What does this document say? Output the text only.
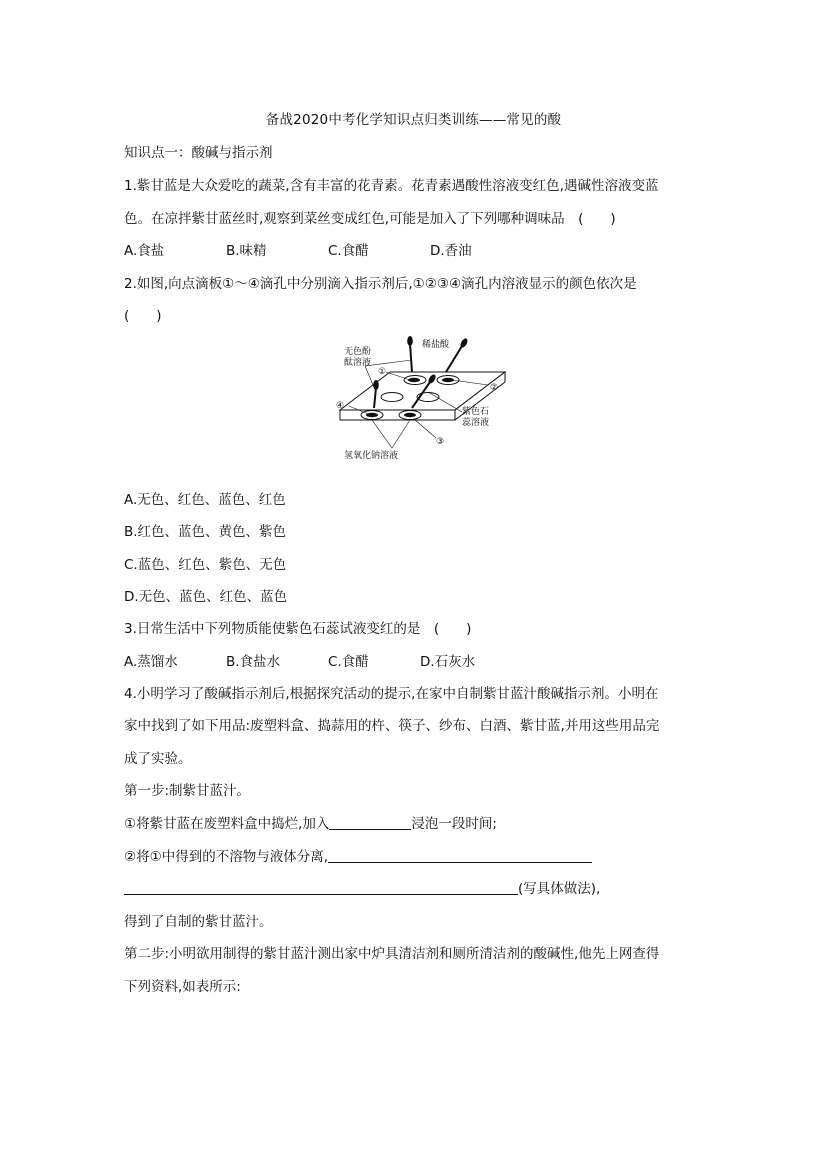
备战2020中考化学知识点归类训练——常见的酸
知识点一：酸碱与指示剂
1.紫甘蓝是大众爱吃的蔬菜,含有丰富的花青素。花青素遇酸性溶液变红色,遇碱性溶液变蓝
色。在凉拌紫甘蓝丝时,观察到菜丝变成红色,可能是加入了下列哪种调味品　(　　)
A.食盐	B.味精	C.食醋	D.香油
2.如图,向点滴板①～④滴孔中分别滴入指示剂后,①②③④滴孔内溶液显示的颜色依次是
(　　)
无色酚
酞溶液
稀盐酸
紫色石
蕊溶液
氢氧化钠溶液
①
②
③
④
A.无色、红色、蓝色、红色
B.红色、蓝色、黄色、紫色
C.蓝色、红色、紫色、无色
D.无色、蓝色、红色、蓝色
3.日常生活中下列物质能使紫色石蕊试液变红的是　(　　)
A.蒸馏水	B.食盐水	C.食醋	D.石灰水
4.小明学习了酸碱指示剂后,根据探究活动的提示,在家中自制紫甘蓝汁酸碱指示剂。小明在
家中找到了如下用品:废塑料盒、捣蒜用的杵、筷子、纱布、白酒、紫甘蓝,并用这些用品完
成了实验。
第一步:制紫甘蓝汁。
①将紫甘蓝在废塑料盒中捣烂,加入	浸泡一段时间;
②将①中得到的不溶物与液体分离,
(写具体做法),
得到了自制的紫甘蓝汁。
第二步:小明欲用制得的紫甘蓝汁测出家中炉具清洁剂和厕所清洁剂的酸碱性,他先上网查得
下列资料,如表所示:
